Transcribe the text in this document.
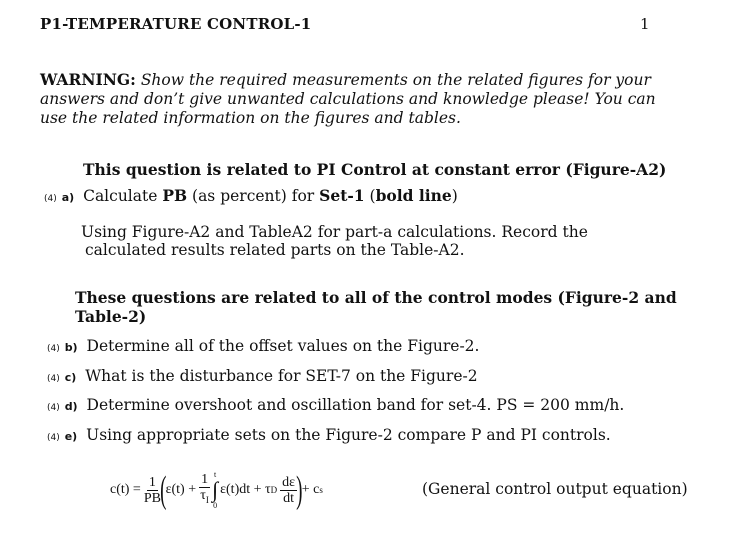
P1-TEMPERATURE CONTROL-1	1
WARNING: Show the required measurements on the related figures for your answers and don’t give unwanted calculations and knowledge please! You can use the related information on the figures and tables.
This question is related to PI Control at constant error (Figure-A2)
(4) a) Calculate PB (as percent) for Set-1 (bold line)
Using Figure-A2 and TableA2 for part-a calculations. Record the
calculated results related parts on the Table-A2.
These questions are related to all of the control modes (Figure-2 and
Table-2)
(4) b) Determine all of the offset values on the Figure-2.
(4) c) What is the disturbance for SET-7 on the Figure-2
(4) d) Determine overshoot and oscillation band for set-4. PS = 200 mm/h.
(4) e) Using appropriate sets on the Figure-2 compare P and PI controls.
$c(t) = \frac{1}{PB}$ ( $\varepsilon(t) + \frac{1}{\tau_I}$ t
∫
0
ε(t)dt + τ D $\frac{d\varepsilon}{dt}$ ) + c s	(General control output equation)
